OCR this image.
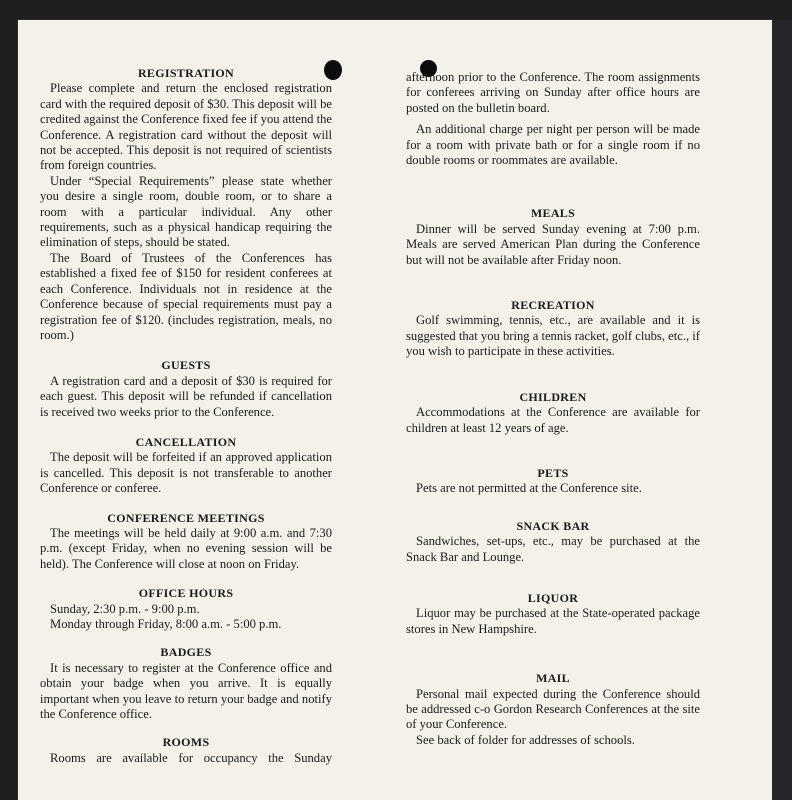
REGISTRATION

Please complete and return the enclosed registration card with the required deposit of $30. This deposit will be credited against the Conference fixed fee if you attend the Conference. A registration card without the deposit will not be accepted. This deposit is not required of scientists from foreign countries.

Under “Special Requirements” please state whether you desire a single room, double room, or to share a room with a particular individual. Any other requirements, such as a physical handicap requiring the elimination of steps, should be stated.

The Board of Trustees of the Conferences has established a fixed fee of $150 for resident conferees at each Conference. Individuals not in residence at the Conference because of special requirements must pay a registration fee of $120. (includes registration, meals, no room.)

GUESTS

A registration card and a deposit of $30 is required for each guest. This deposit will be refunded if cancellation is received two weeks prior to the Conference.

CANCELLATION

The deposit will be forfeited if an approved application is cancelled. This deposit is not transferable to another Conference or conferee.

CONFERENCE MEETINGS

The meetings will be held daily at 9:00 a.m. and 7:30 p.m. (except Friday, when no evening session will be held). The Conference will close at noon on Friday.

OFFICE HOURS

Sunday, 2:30 p.m. - 9:00 p.m.

Monday through Friday, 8:00 a.m. - 5:00 p.m.

BADGES

It is necessary to register at the Conference office and obtain your badge when you arrive. It is equally important when you leave to return your badge and notify the Conference office.

ROOMS

Rooms are available for occupancy the Sunday

afternoon prior to the Conference. The room assignments for conferees arriving on Sunday after office hours are posted on the bulletin board.

An additional charge per night per person will be made for a room with private bath or for a single room if no double rooms or roommates are available.

MEALS

Dinner will be served Sunday evening at 7:00 p.m. Meals are served American Plan during the Conference but will not be available after Friday noon.

RECREATION

Golf swimming, tennis, etc., are available and it is suggested that you bring a tennis racket, golf clubs, etc., if you wish to participate in these activities.

CHILDREN

Accommodations at the Conference are available for children at least 12 years of age.

PETS

Pets are not permitted at the Conference site.

SNACK BAR

Sandwiches, set-ups, etc., may be purchased at the Snack Bar and Lounge.

LIQUOR

Liquor may be purchased at the State-operated package stores in New Hampshire.

MAIL

Personal mail expected during the Conference should be addressed c-o Gordon Research Conferences at the site of your Conference.

See back of folder for addresses of schools.
